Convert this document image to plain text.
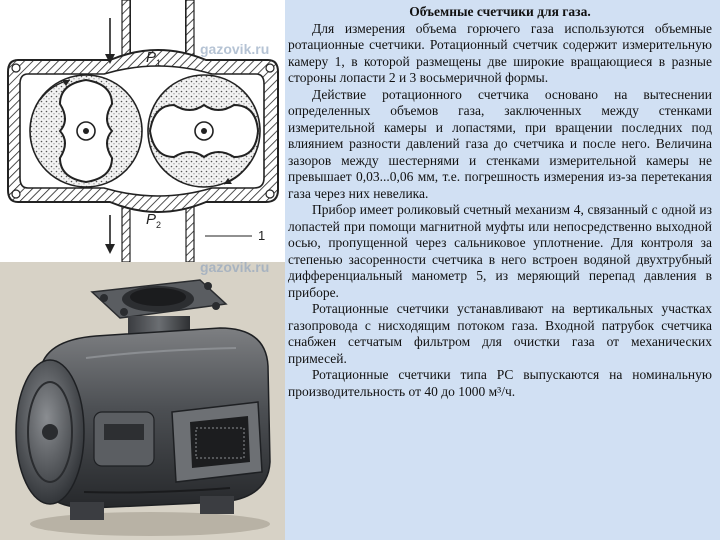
P 1
P 2
1
gazovik.ru
gazovik.ru

Объемные счетчики для газа.

Для измерения объема горючего газа используются объемные ротационные счетчики. Ротационный счетчик содержит измерительную камеру 1, в которой размещены две широкие вращающиеся в разные стороны лопасти 2 и 3 восьмеричной формы.

Действие ротационного счетчика основано на вытеснении определенных объемов газа, заключенных между стенками измерительной камеры и лопастями, при вращении последних под влиянием разности давлений газа до счетчика и после него. Величина зазоров между шестернями и стенками измерительной камеры не превышает 0,03...0,06 мм, т.е. погрешность измерения из-за перетекания газа через них невелика.

Прибор имеет роликовый счетный механизм 4, связанный с одной из лопастей при помощи магнитной муфты или непосредственно выходной осью, пропущенной через сальниковое уплотнение. Для контроля за степенью засоренности счетчика в него встроен водяной двухтрубный дифференциальный манометр 5, из меряющий перепад давления в приборе.

Ротационные счетчики устанавливают на вертикальных участках газопровода с нисходящим потоком газа. Входной патрубок счетчика снабжен сетчатым фильтром для очистки газа от механических примесей.

Ротационные счетчики типа РС выпускаются на номинальную производительность от 40 до 1000 м³/ч.
